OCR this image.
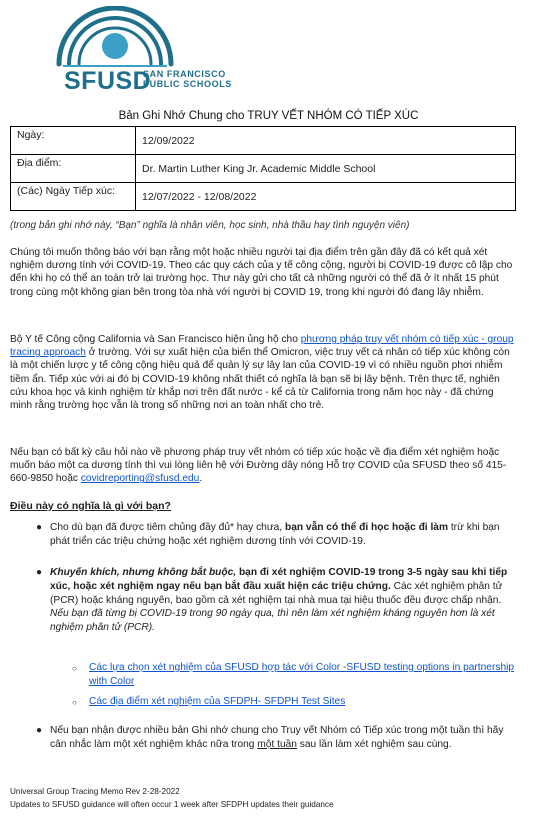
SFUSD
SAN FRANCISCO
PUBLIC SCHOOLS
Bản Ghi Nhớ Chung cho TRUY VẾT NHÓM CÓ TIẾP XÚC
Ngày:	12/09/2022
Địa điểm:	Dr. Martin Luther King Jr. Academic Middle School
(Các) Ngày Tiếp xúc:	12/07/2022 - 12/08/2022
(trong bản ghi nhớ này, “Bạn” nghĩa là nhân viên, học sinh, nhà thầu hay tình nguyện viên)
Chúng tôi muốn thông báo với bạn rằng một hoặc nhiều người tại địa điểm trên gần đây đã có kết quả xét nghiệm dương tính với COVID-19. Theo các quy cách của y tế công cộng, người bị COVID-19 được cô lập cho đến khi họ có thể an toàn trở lại trường học. Thư này gửi cho tất cả những người có thể đã ở ít nhất 15 phút trong cùng một không gian bên trong tòa nhà với người bị COVID 19, trong khi người đó đang lây nhiễm.
Bộ Y tế Công cộng California và San Francisco hiện ủng hộ cho phương pháp truy vết nhóm có tiếp xúc - group tracing approach ở trường. Với sự xuất hiện của biến thể Omicron, việc truy vết cá nhân có tiếp xúc không còn là một chiến lược y tế công cộng hiệu quả để quản lý sự lây lan của COVID-19 vì có nhiều nguồn phơi nhiễm tiềm ẩn. Tiếp xúc với ai đó bị COVID-19 không nhất thiết có nghĩa là bạn sẽ bị lây bệnh. Trên thực tế, nghiên cứu khoa học và kinh nghiệm từ khắp nơi trên đất nước - kể cả từ California trong năm học này - đã chứng minh rằng trường học vẫn là trong số những nơi an toàn nhất cho trẻ.
Nếu bạn có bất kỳ câu hỏi nào về phương pháp truy vết nhóm có tiếp xúc hoặc về địa điểm xét nghiệm hoặc muốn báo một ca dương tính thì vui lòng liên hệ với Đường dây nóng Hỗ trợ COVID của SFUSD theo số 415-660-9850 hoặc covidreporting@sfusd.edu.
Điều này có nghĩa là gì với bạn?
● Cho dù bạn đã được tiêm chủng đầy đủ* hay chưa, bạn vẫn có thể đi học hoặc đi làm trừ khi bạn phát triển các triệu chứng hoặc xét nghiệm dương tính với COVID-19.
● Khuyến khích, nhưng không bắt buộc, bạn đi xét nghiệm COVID-19 trong 3-5 ngày sau khi tiếp xúc, hoặc xét nghiệm ngay nếu bạn bắt đầu xuất hiện các triệu chứng. Các xét nghiệm phân tử (PCR) hoặc kháng nguyên, bao gồm cả xét nghiệm tại nhà mua tại hiệu thuốc đều được chấp nhận. Nếu bạn đã từng bị COVID-19 trong 90 ngày qua, thì nên làm xét nghiệm kháng nguyên hơn là xét nghiệm phân tử (PCR).
○ Các lựa chọn xét nghiệm của SFUSD hợp tác với Color -SFUSD testing options in partnership with Color
○ Các địa điểm xét nghiệm của SFDPH- SFDPH Test Sites
● Nếu bạn nhận được nhiều bản Ghi nhớ chung cho Truy vết Nhóm có Tiếp xúc trong một tuần thì hãy cân nhắc làm một xét nghiệm khác nữa trong một tuần sau lần làm xét nghiệm sau cùng.
Universal Group Tracing Memo Rev 2-28-2022
Updates to SFUSD guidance will often occur 1 week after SFDPH updates their guidance
